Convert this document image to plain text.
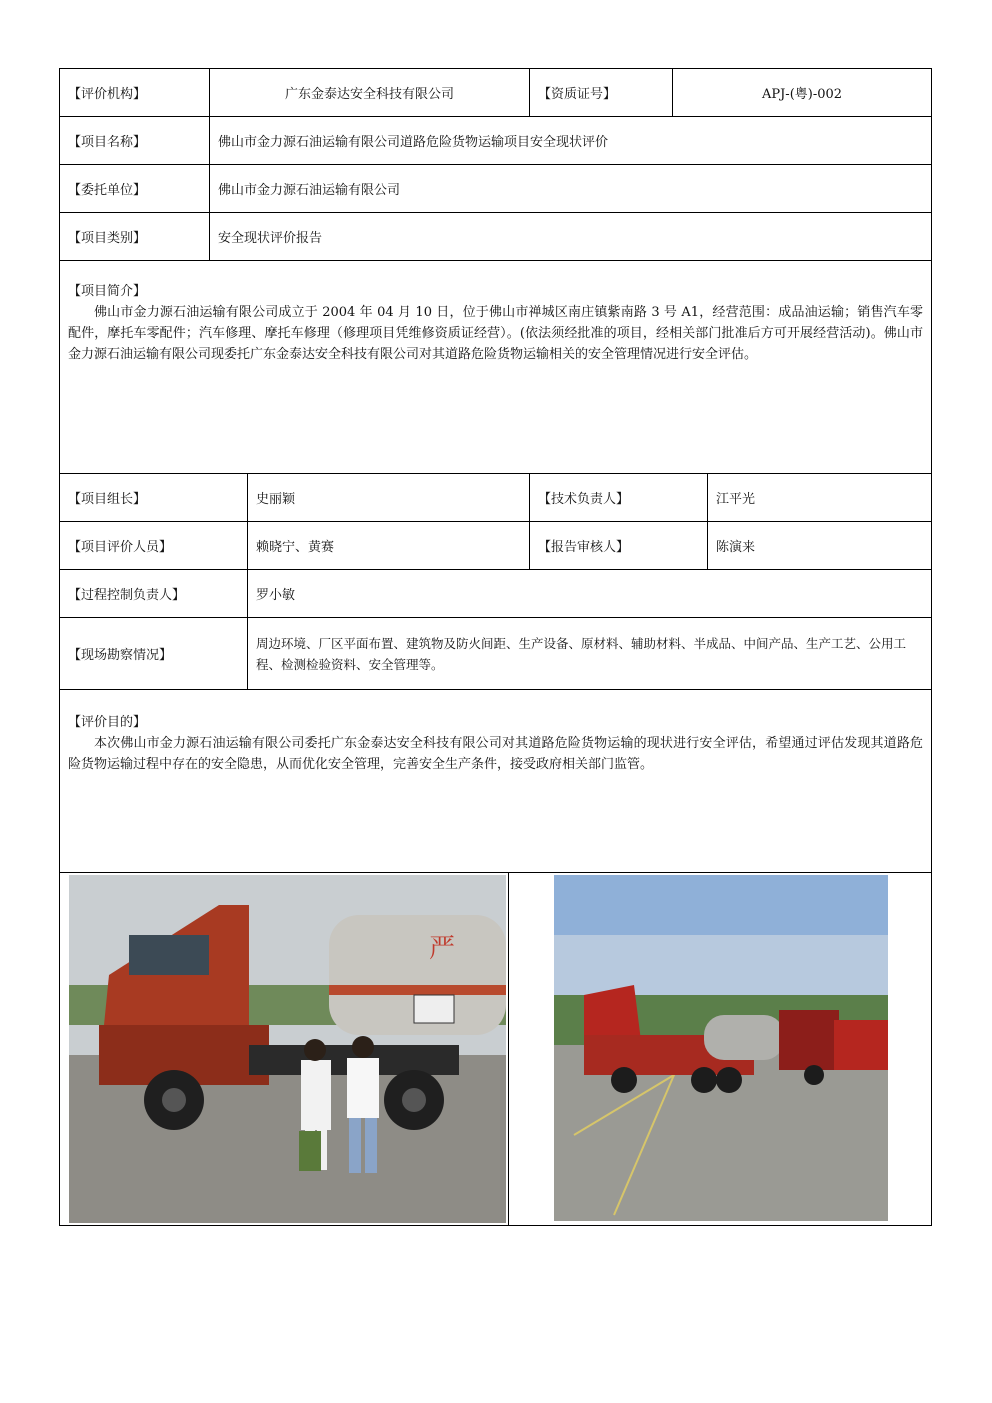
【评价机构】	广东金泰达安全科技有限公司	【资质证号】	APJ-(粤)-002
【项目名称】	佛山市金力源石油运输有限公司道路危险货物运输项目安全现状评价
【委托单位】	佛山市金力源石油运输有限公司
【项目类别】	安全现状评价报告
【项目简介】
佛山市金力源石油运输有限公司成立于 2004 年 04 月 10 日，位于佛山市禅城区南庄镇紫南路 3 号 A1，经营范围：成品油运输；销售汽车零配件，摩托车零配件；汽车修理、摩托车修理（修理项目凭维修资质证经营）。(依法须经批准的项目，经相关部门批准后方可开展经营活动)。佛山市金力源石油运输有限公司现委托广东金泰达安全科技有限公司对其道路危险货物运输相关的安全管理情况进行安全评估。
【项目组长】	史丽颖	【技术负责人】	江平光
【项目评价人员】	赖晓宁、黄赛	【报告审核人】	陈演来
【过程控制负责人】	罗小敏
【现场勘察情况】
周边环境、厂区平面布置、建筑物及防火间距、生产设备、原材料、辅助材料、半成品、中间产品、生产工艺、公用工程、检测检验资料、安全管理等。
【评价目的】
本次佛山市金力源石油运输有限公司委托广东金泰达安全科技有限公司对其道路危险货物运输的现状进行安全评估，希望通过评估发现其道路危险货物运输过程中存在的安全隐患，从而优化安全管理，完善安全生产条件，接受政府相关部门监管。
严
